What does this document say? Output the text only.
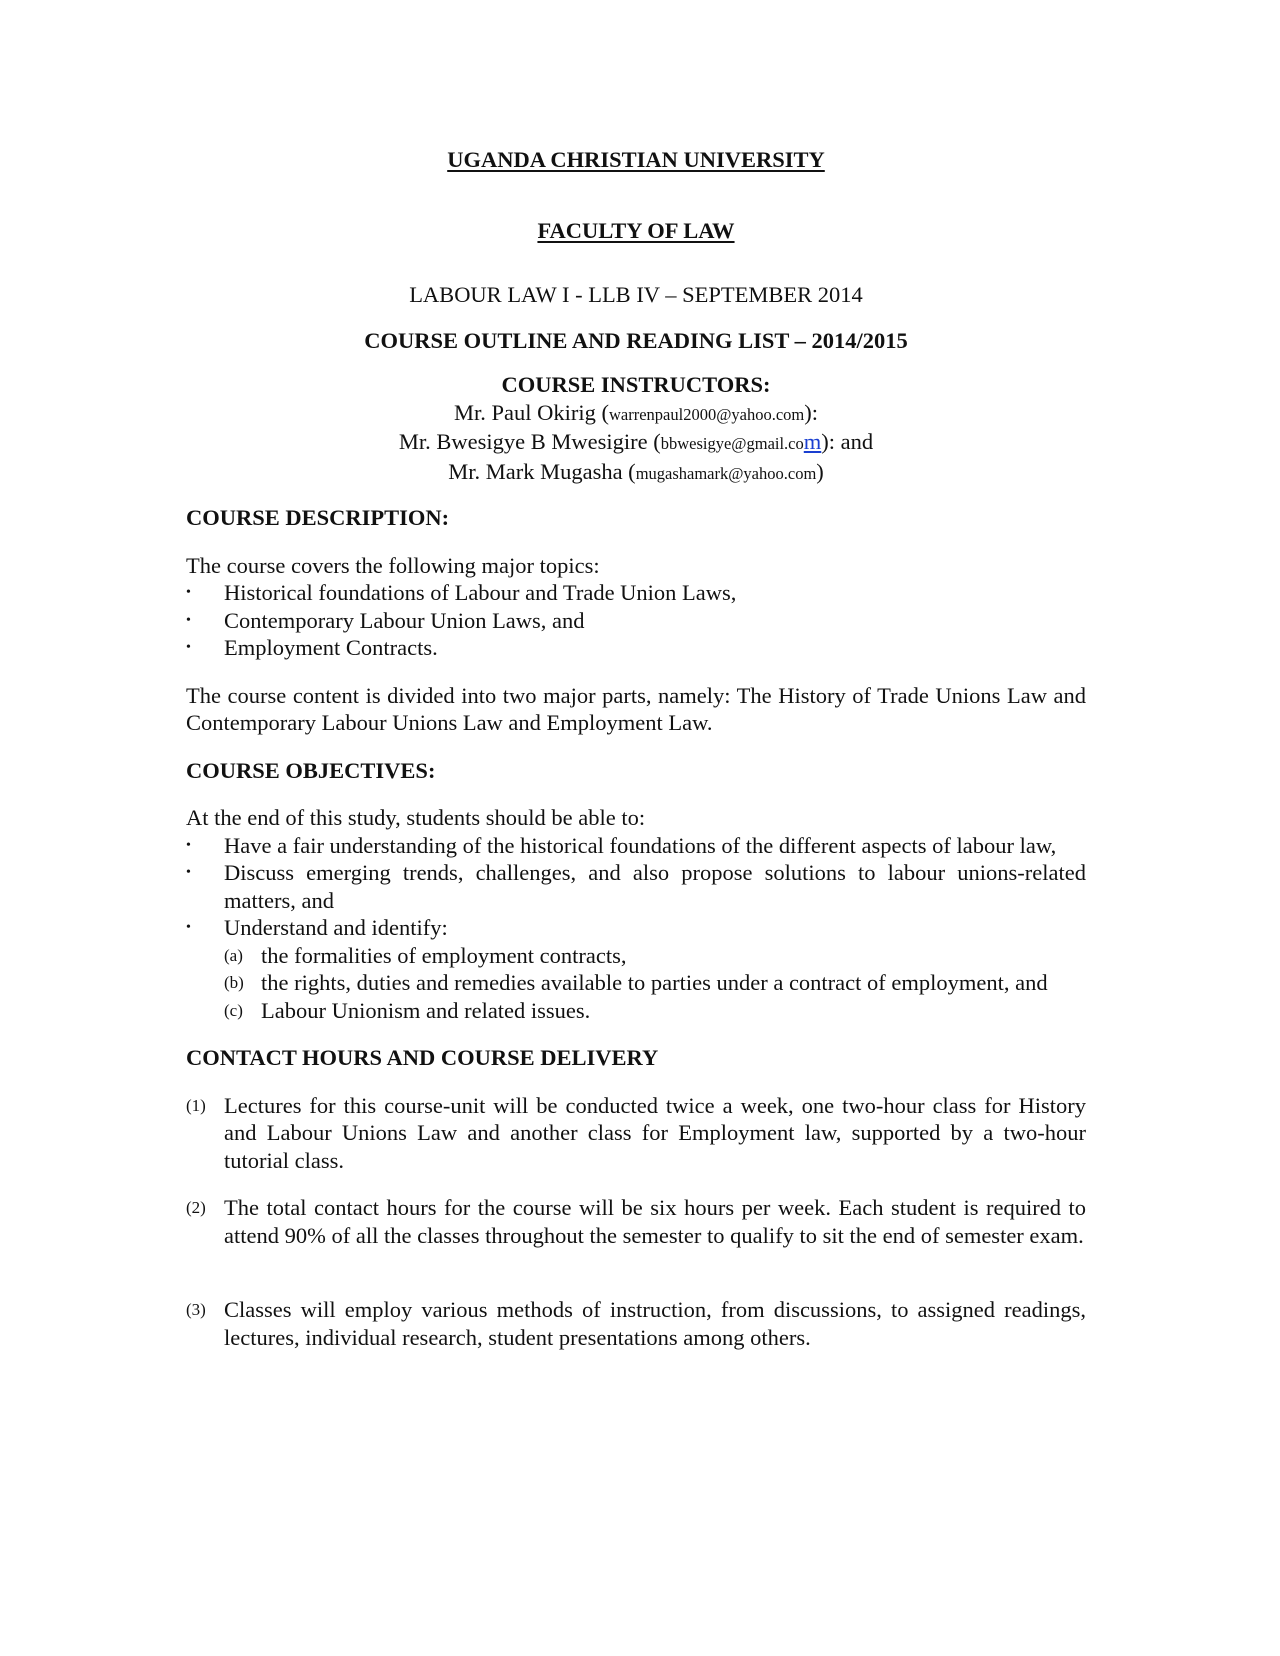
UGANDA CHRISTIAN UNIVERSITY
FACULTY OF LAW
LABOUR LAW I - LLB IV – SEPTEMBER 2014
COURSE OUTLINE AND READING LIST – 2014/2015
COURSE INSTRUCTORS:
Mr. Paul Okirig (warrenpaul2000@yahoo.com):
Mr. Bwesigye B Mwesigire (bbwesigye@gmail.com): and
Mr. Mark Mugasha (mugashamark@yahoo.com)
COURSE DESCRIPTION:

The course covers the following major topics:

• Historical foundations of Labour and Trade Union Laws,
• Contemporary Labour Union Laws, and
• Employment Contracts.

The course content is divided into two major parts, namely: The History of Trade Unions Law and Contemporary Labour Unions Law and Employment Law.

COURSE OBJECTIVES:

At the end of this study, students should be able to:

• Have a fair understanding of the historical foundations of the different aspects of labour law,
• Discuss emerging trends, challenges, and also propose solutions to labour unions-related matters, and
• Understand and identify:
(a) the formalities of employment contracts,
(b) the rights, duties and remedies available to parties under a contract of employment, and
(c) Labour Unionism and related issues.
CONTACT HOURS AND COURSE DELIVERY
(1) Lectures for this course-unit will be conducted twice a week, one two-hour class for History and Labour Unions Law and another class for Employment law, supported by a two-hour tutorial class.
(2) The total contact hours for the course will be six hours per week. Each student is required to attend 90% of all the classes throughout the semester to qualify to sit the end of semester exam.
(3) Classes will employ various methods of instruction, from discussions, to assigned readings, lectures, individual research, student presentations among others.
